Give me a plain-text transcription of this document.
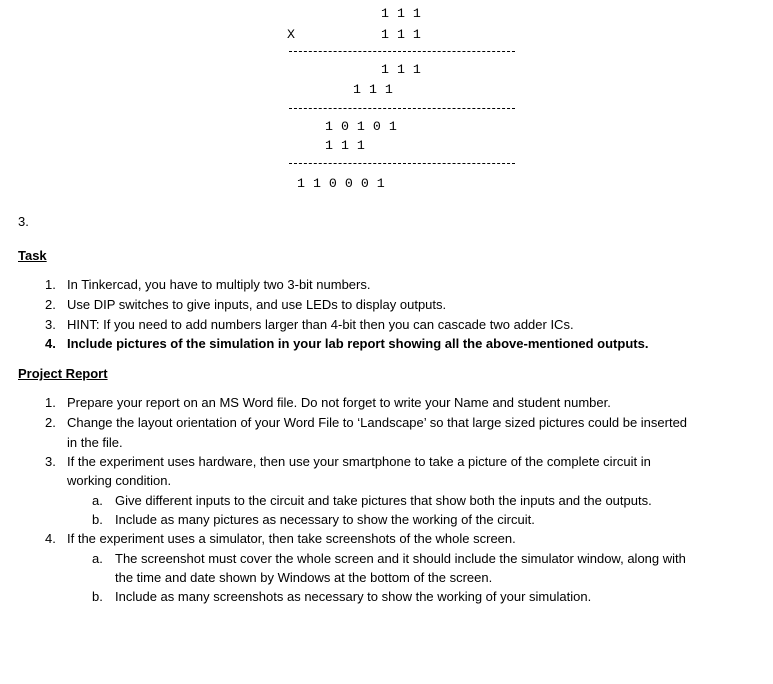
1 1 1
X	1 1 1
1 1 1
1 1 1
1 0 1 0 1
1 1 1
1 1 0 0 0 1
3.
Task
1. In Tinkercad, you have to multiply two 3-bit numbers.
2. Use DIP switches to give inputs, and use LEDs to display outputs.
3. HINT: If you need to add numbers larger than 4-bit then you can cascade two adder ICs.
4. Include pictures of the simulation in your lab report showing all the above-mentioned outputs.
Project Report
1. Prepare your report on an MS Word file. Do not forget to write your Name and student number.
2. Change the layout orientation of your Word File to ‘Landscape’ so that large sized pictures could be inserted
in the file.
3. If the experiment uses hardware, then use your smartphone to take a picture of the complete circuit in
working condition.
a. Give different inputs to the circuit and take pictures that show both the inputs and the outputs.
b. Include as many pictures as necessary to show the working of the circuit.
4. If the experiment uses a simulator, then take screenshots of the whole screen.
a. The screenshot must cover the whole screen and it should include the simulator window, along with
the time and date shown by Windows at the bottom of the screen.
b. Include as many screenshots as necessary to show the working of your simulation.
